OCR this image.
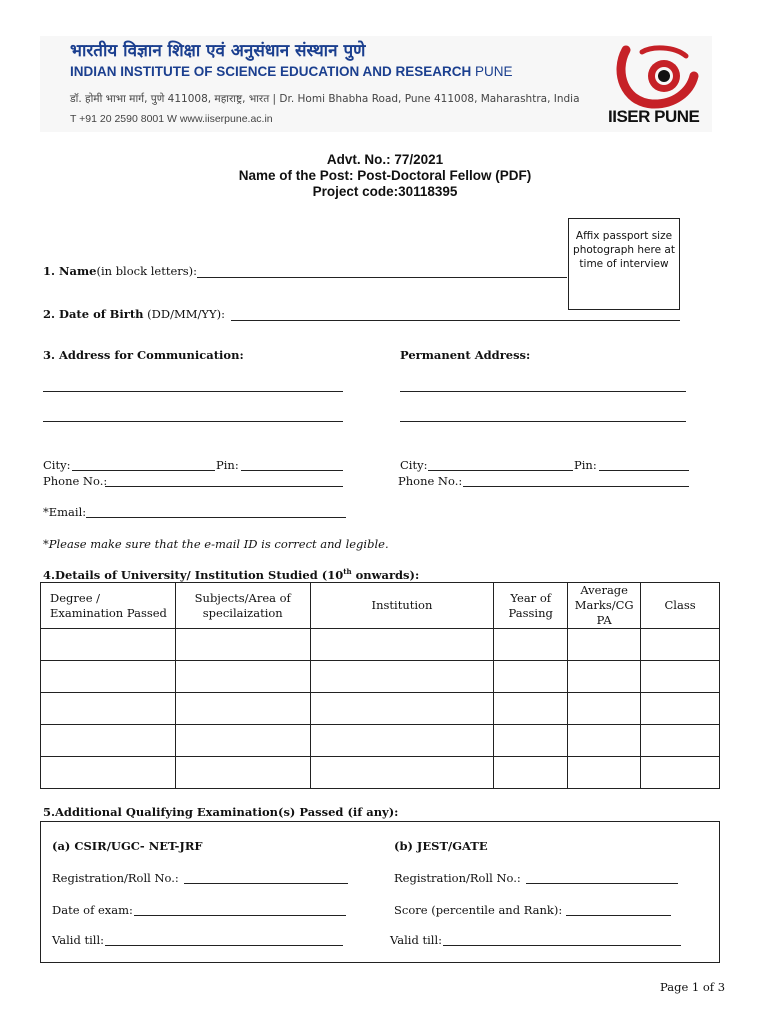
भारतीय विज्ञान शिक्षा एवं अनुसंधान संस्थान पुणे
INDIAN INSTITUTE OF SCIENCE EDUCATION AND RESEARCH PUNE
डॉ. होमी भाभा मार्ग, पुणे 411008, महाराष्ट्र, भारत | Dr. Homi Bhabha Road, Pune 411008, Maharashtra, India
T +91 20 2590 8001 W www.iiserpune.ac.in	IISER PUNE
Advt. No.: 77/2021
Name of the Post: Post-Doctoral Fellow (PDF)
Project code:30118395
Affix passport size photograph here at time of interview
1. Name(in block letters):
2. Date of Birth (DD/MM/YY):
3. Address for Communication:	Permanent Address:
City:	Pin:
Phone No.:
City:	Pin:
Phone No.:
*Email:
*Please make sure that the e-mail ID is correct and legible.
4.Details of University/ Institution Studied (10th onwards):
Degree / Examination Passed	Subjects/Area of specilaization	Institution	Year of Passing	Average Marks/CG PA	Class

5.Additional Qualifying Examination(s) Passed (if any):
(a) CSIR/UGC- NET-JRF	(b) JEST/GATE
Registration/Roll No.:	Registration/Roll No.:
Date of exam:	Score (percentile and Rank):
Valid till:	Valid till:
Page 1 of 3
